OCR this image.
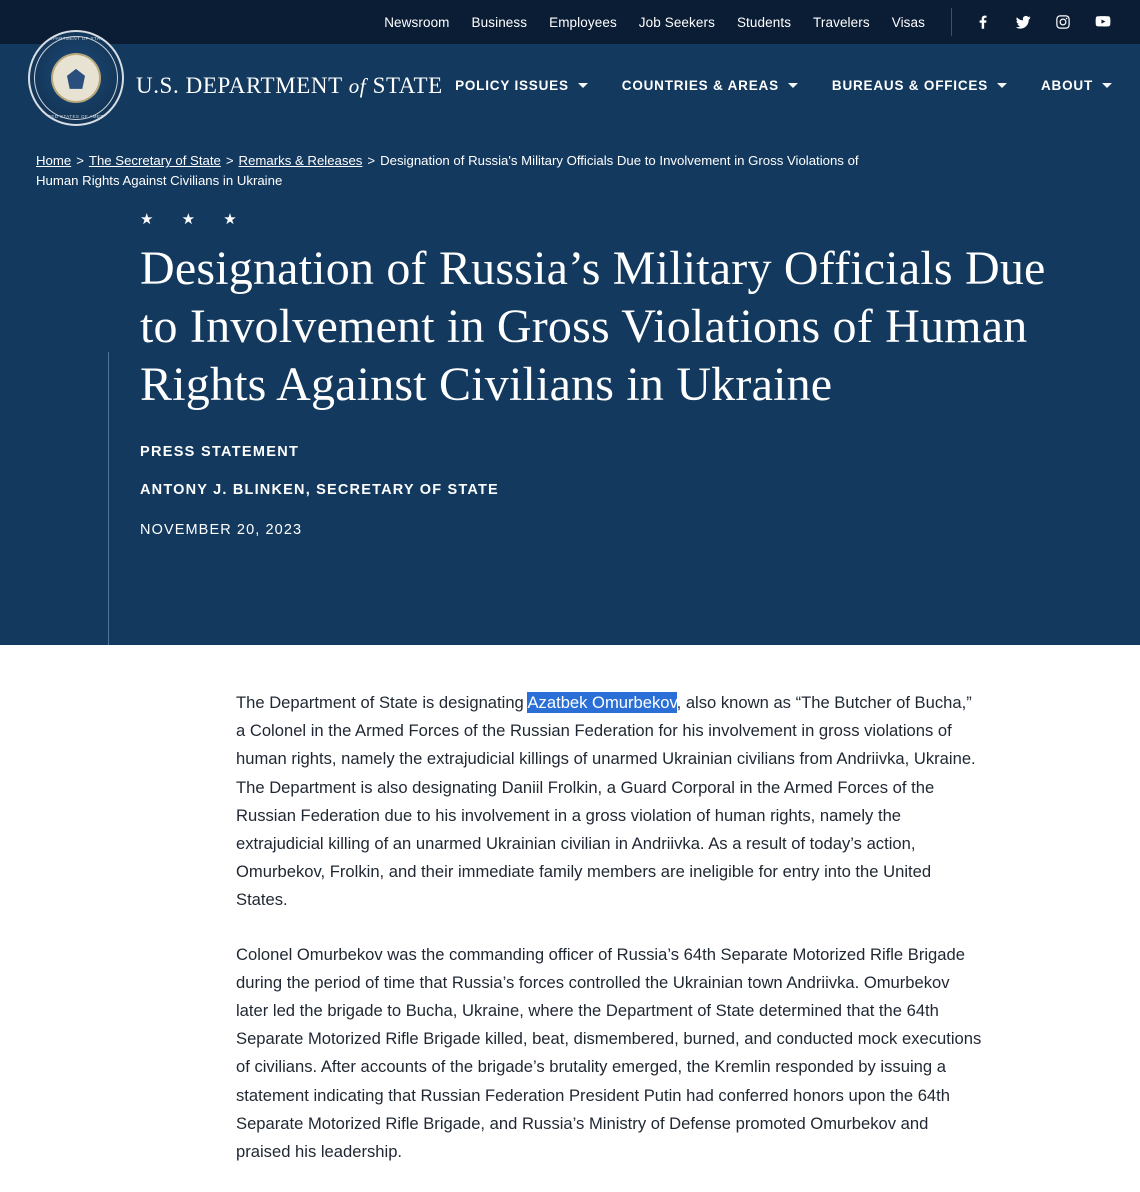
Newsroom Business Employees Job Seekers Students Travelers Visas
DEPARTMENT OF STATE
UNITED STATES OF AMERICA
U.S. DEPARTMENT of STATE POLICY ISSUES	COUNTRIES & AREAS	BUREAUS & OFFICES	ABOUT
Home > The Secretary of State > Remarks & Releases > Designation of Russia's Military Officials Due to Involvement in Gross Violations of Human Rights Against Civilians in Ukraine
★ ★ ★
Designation of Russia’s Military Officials Due to Involvement in Gross Violations of Human Rights Against Civilians in Ukraine
PRESS STATEMENT
ANTONY J. BLINKEN, SECRETARY OF STATE
NOVEMBER 20, 2023

The Department of State is designating Azatbek Omurbekov, also known as “The Butcher of Bucha,” a Colonel in the Armed Forces of the Russian Federation for his involvement in gross violations of human rights, namely the extrajudicial killings of unarmed Ukrainian civilians from Andriivka, Ukraine. The Department is also designating Daniil Frolkin, a Guard Corporal in the Armed Forces of the Russian Federation due to his involvement in a gross violation of human rights, namely the extrajudicial killing of an unarmed Ukrainian civilian in Andriivka. As a result of today’s action, Omurbekov, Frolkin, and their immediate family members are ineligible for entry into the United States.

Colonel Omurbekov was the commanding officer of Russia’s 64th Separate Motorized Rifle Brigade during the period of time that Russia’s forces controlled the Ukrainian town Andriivka. Omurbekov later led the brigade to Bucha, Ukraine, where the Department of State determined that the 64th Separate Motorized Rifle Brigade killed, beat, dismembered, burned, and conducted mock executions of civilians. After accounts of the brigade’s brutality emerged, the Kremlin responded by issuing a statement indicating that Russian Federation President Putin had conferred honors upon the 64th Separate Motorized Rifle Brigade, and Russia’s Ministry of Defense promoted Omurbekov and praised his leadership.
